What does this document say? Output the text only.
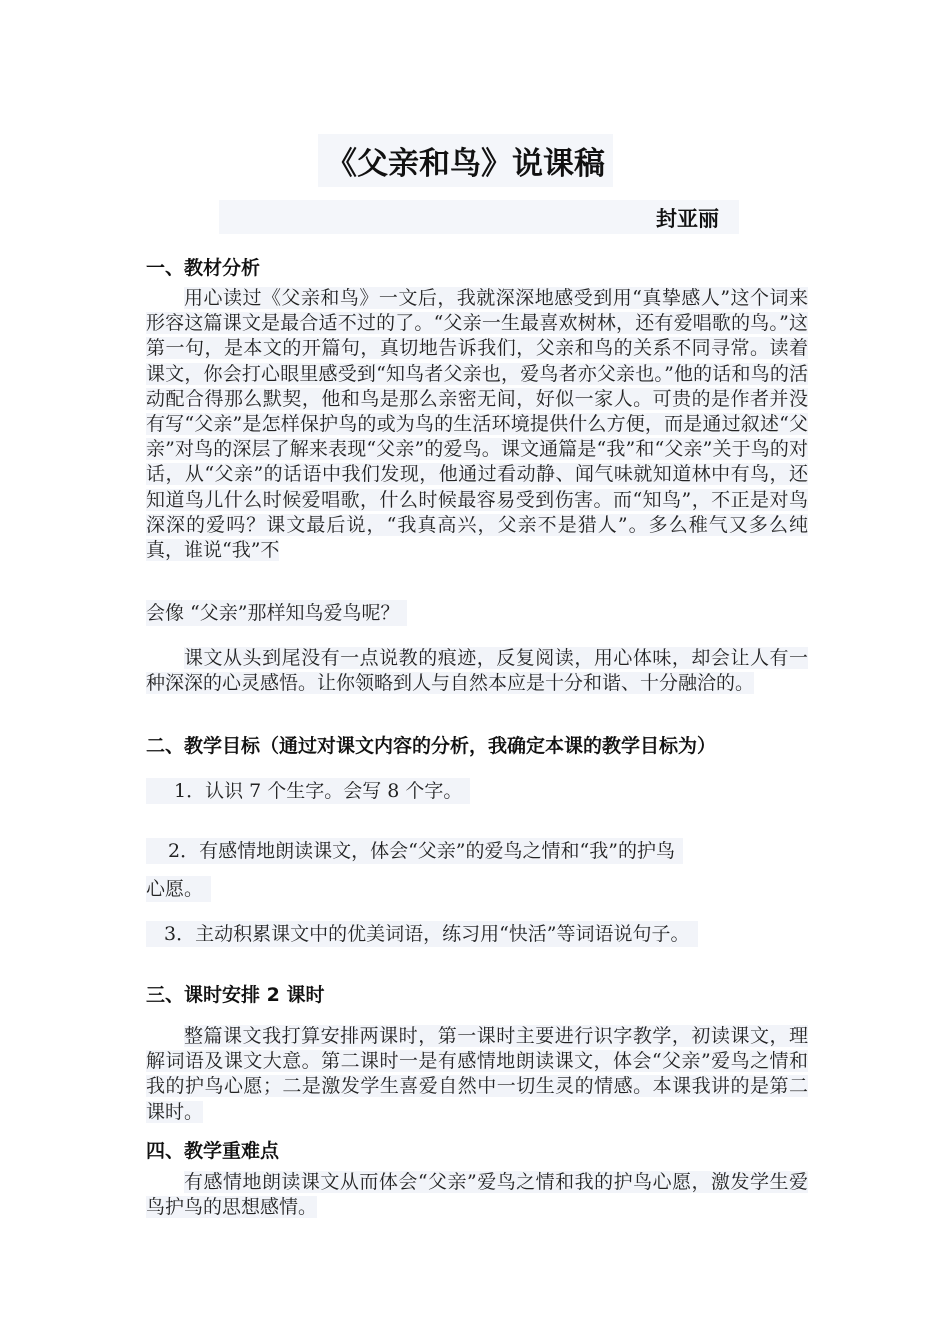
《父亲和鸟》说课稿
封亚丽
一、教材分析
用心读过《父亲和鸟》一文后，我就深深地感受到用“真挚感人”这个词来形容这篇课文是最合适不过的了。“父亲一生最喜欢树林，还有爱唱歌的鸟。”这第一句，是本文的开篇句，真切地告诉我们，父亲和鸟的关系不同寻常。读着课文，你会打心眼里感受到“知鸟者父亲也，爱鸟者亦父亲也。”他的话和鸟的活动配合得那么默契，他和鸟是那么亲密无间，好似一家人。可贵的是作者并没有写“父亲”是怎样保护鸟的或为鸟的生活环境提供什么方便，而是通过叙述“父亲”对鸟的深层了解来表现“父亲”的爱鸟。课文通篇是“我”和“父亲”关于鸟的对话，从“父亲”的话语中我们发现，他通过看动静、闻气味就知道林中有鸟，还知道鸟儿什么时候爱唱歌，什么时候最容易受到伤害。而“知鸟”，不正是对鸟深深的爱吗？课文最后说，“我真高兴，父亲不是猎人”。多么稚气又多么纯真，谁说“我”不
会像 “父亲”那样知鸟爱鸟呢？
课文从头到尾没有一点说教的痕迹，反复阅读，用心体味，却会让人有一种深深的心灵感悟。让你领略到人与自然本应是十分和谐、十分融洽的。
二、教学目标（通过对课文内容的分析，我确定本课的教学目标为）
1．认识 7 个生字。会写 8 个字。
2．有感情地朗读课文，体会“父亲”的爱鸟之情和“我”的护鸟
心愿。
3．主动积累课文中的优美词语，练习用“快活”等词语说句子。
三、课时安排 2 课时
整篇课文我打算安排两课时，第一课时主要进行识字教学，初读课文，理解词语及课文大意。第二课时一是有感情地朗读课文，体会“父亲”爱鸟之情和我的护鸟心愿；二是激发学生喜爱自然中一切生灵的情感。本课我讲的是第二课时。
四、教学重难点
有感情地朗读课文从而体会“父亲”爱鸟之情和我的护鸟心愿，激发学生爱鸟护鸟的思想感情。
